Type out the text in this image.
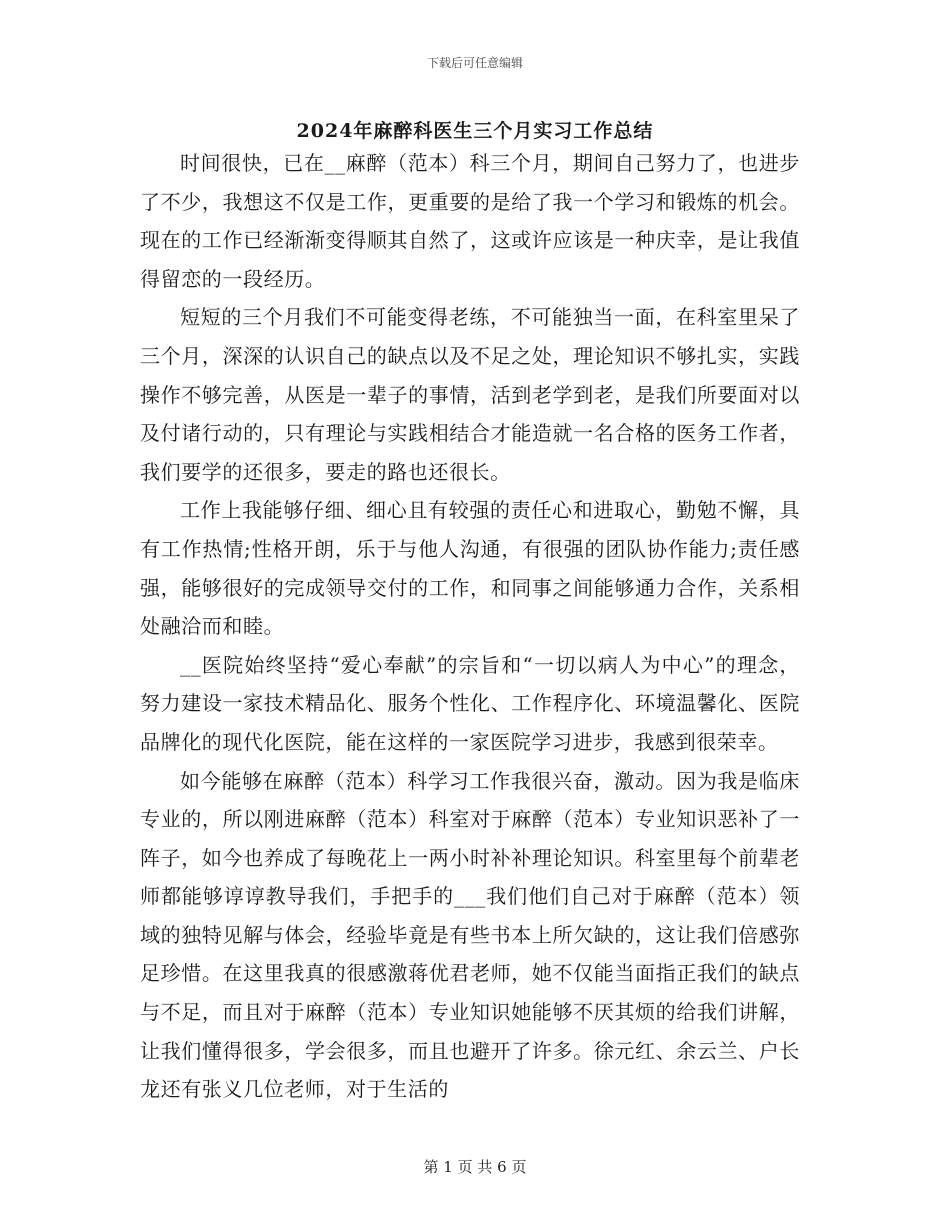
下载后可任意编辑
2024年麻醉科医生三个月实习工作总结

时间很快，已在__麻醉（范本）科三个月，期间自己努力了，也进步了不少，我想这不仅是工作，更重要的是给了我一个学习和锻炼的机会。现在的工作已经渐渐变得顺其自然了，这或许应该是一种庆幸，是让我值得留恋的一段经历。

短短的三个月我们不可能变得老练，不可能独当一面，在科室里呆了三个月，深深的认识自己的缺点以及不足之处，理论知识不够扎实，实践操作不够完善，从医是一辈子的事情，活到老学到老，是我们所要面对以及付诸行动的，只有理论与实践相结合才能造就一名合格的医务工作者，我们要学的还很多，要走的路也还很长。

工作上我能够仔细、细心且有较强的责任心和进取心，勤勉不懈，具有工作热情;性格开朗，乐于与他人沟通，有很强的团队协作能力;责任感强，能够很好的完成领导交付的工作，和同事之间能够通力合作，关系相处融洽而和睦。

__医院始终坚持“爱心奉献”的宗旨和“一切以病人为中心”的理念，努力建设一家技术精品化、服务个性化、工作程序化、环境温馨化、医院品牌化的现代化医院，能在这样的一家医院学习进步，我感到很荣幸。

如今能够在麻醉（范本）科学习工作我很兴奋，激动。因为我是临床专业的，所以刚进麻醉（范本）科室对于麻醉（范本）专业知识恶补了一阵子，如今也养成了每晚花上一两小时补补理论知识。科室里每个前辈老师都能够谆谆教导我们，手把手的___我们他们自己对于麻醉（范本）领域的独特见解与体会，经验毕竟是有些书本上所欠缺的，这让我们倍感弥足珍惜。在这里我真的很感激蒋优君老师，她不仅能当面指正我们的缺点与不足，而且对于麻醉（范本）专业知识她能够不厌其烦的给我们讲解，让我们懂得很多，学会很多，而且也避开了许多。徐元红、余云兰、户长龙还有张义几位老师，对于生活的

第 1 页 共 6 页
